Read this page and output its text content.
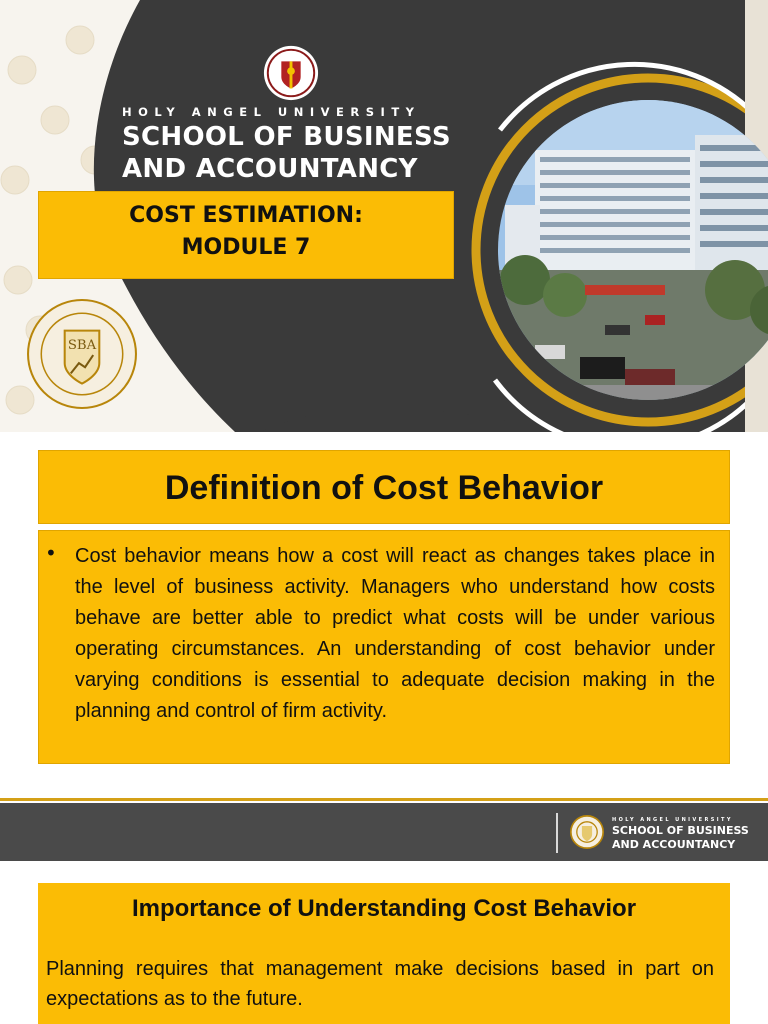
HOLY ANGEL UNIVERSITY
SCHOOL OF BUSINESS
AND ACCOUNTANCY
COST ESTIMATION:
MODULE 7
SBA
Definition of Cost Behavior
• Cost behavior means how a cost will react as changes takes place in the level of business activity. Managers who understand how costs behave are better able to predict what costs will be under various operating circumstances. An understanding of cost behavior under varying conditions is essential to adequate decision making in the planning and control of firm activity.

HOLY ANGEL UNIVERSITY
SCHOOL OF BUSINESS
AND ACCOUNTANCY
Importance of Understanding Cost Behavior

Planning requires that management make decisions based in part on expectations as to the future.
